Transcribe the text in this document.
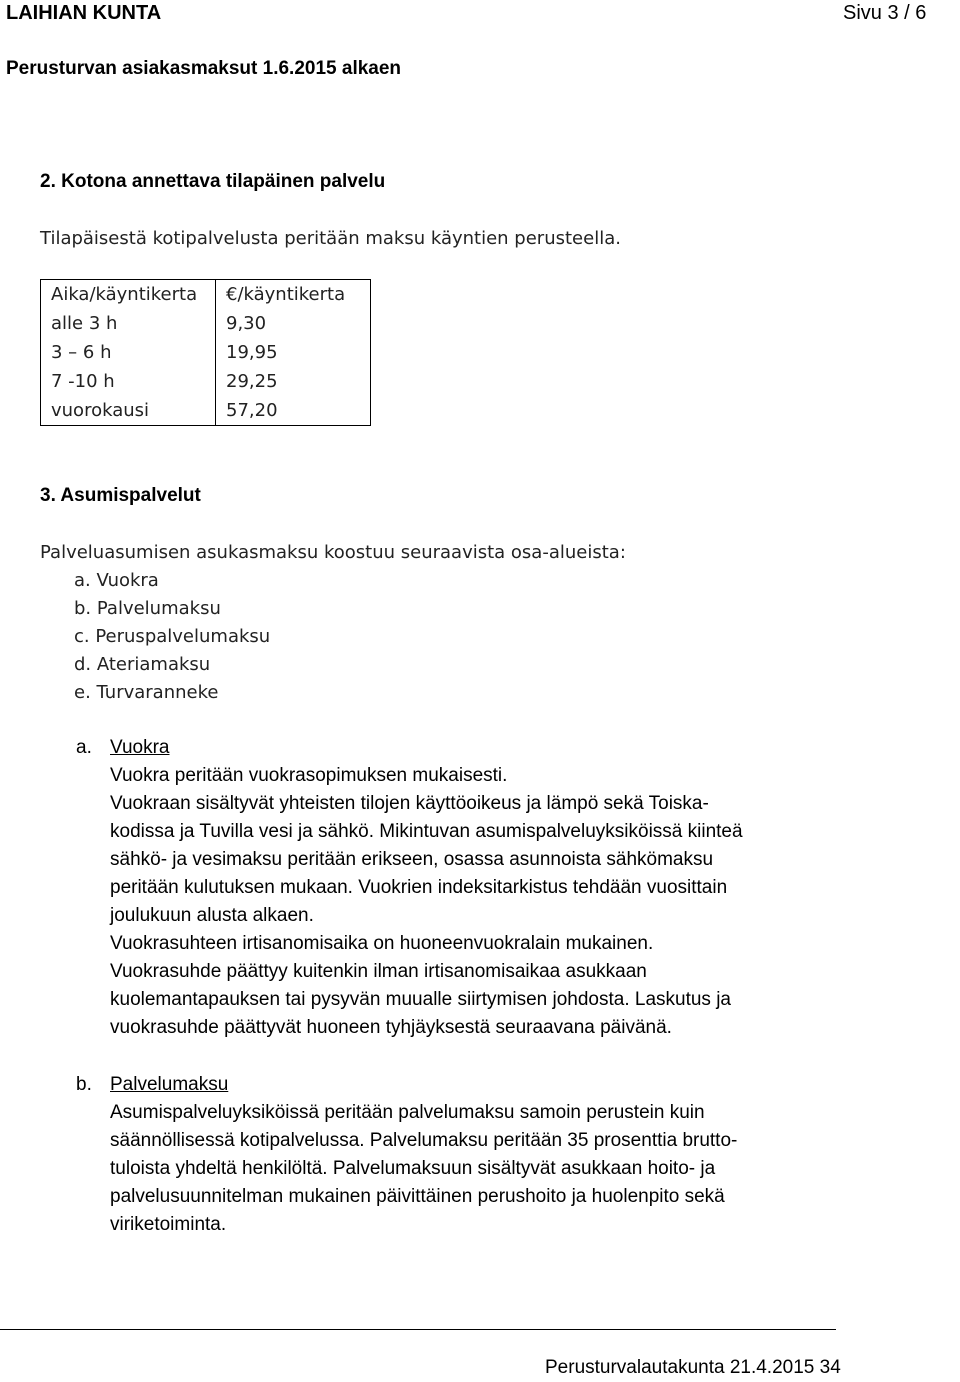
LAIHIAN KUNTA	Sivu 3 / 6
Perusturvan asiakasmaksut 1.6.2015 alkaen
2. Kotona annettava tilapäinen palvelu
Tilapäisestä kotipalvelusta peritään maksu käyntien perusteella.
Aika/käyntikerta	€/käyntikerta
alle 3 h	9,30
3 – 6 h	19,95
7 -10 h	29,25
vuorokausi	57,20
3. Asumispalvelut
Palveluasumisen asukasmaksu koostuu seuraavista osa-alueista:
a. Vuokra
b. Palvelumaksu
c. Peruspalvelumaksu
d. Ateriamaksu
e. Turvaranneke
a. Vuokra
Vuokra peritään vuokrasopimuksen mukaisesti.
Vuokraan sisältyvät yhteisten tilojen käyttöoikeus ja lämpö sekä Toiska-
kodissa ja Tuvilla vesi ja sähkö. Mikintuvan asumispalveluyksiköissä kiinteä
sähkö- ja vesimaksu peritään erikseen, osassa asunnoista sähkömaksu
peritään kulutuksen mukaan. Vuokrien indeksitarkistus tehdään vuosittain
joulukuun alusta alkaen.
Vuokrasuhteen irtisanomisaika on huoneenvuokralain mukainen.
Vuokrasuhde päättyy kuitenkin ilman irtisanomisaikaa asukkaan
kuolemantapauksen tai pysyvän muualle siirtymisen johdosta. Laskutus ja
vuokrasuhde päättyvät huoneen tyhjäyksestä seuraavana päivänä.
b. Palvelumaksu
Asumispalveluyksiköissä peritään palvelumaksu samoin perustein kuin
säännöllisessä kotipalvelussa. Palvelumaksu peritään 35 prosenttia brutto-
tuloista yhdeltä henkilöltä. Palvelumaksuun sisältyvät asukkaan hoito- ja
palvelusuunnitelman mukainen päivittäinen perushoito ja huolenpito sekä
viriketoiminta.
Perusturvalautakunta 21.4.2015 34
